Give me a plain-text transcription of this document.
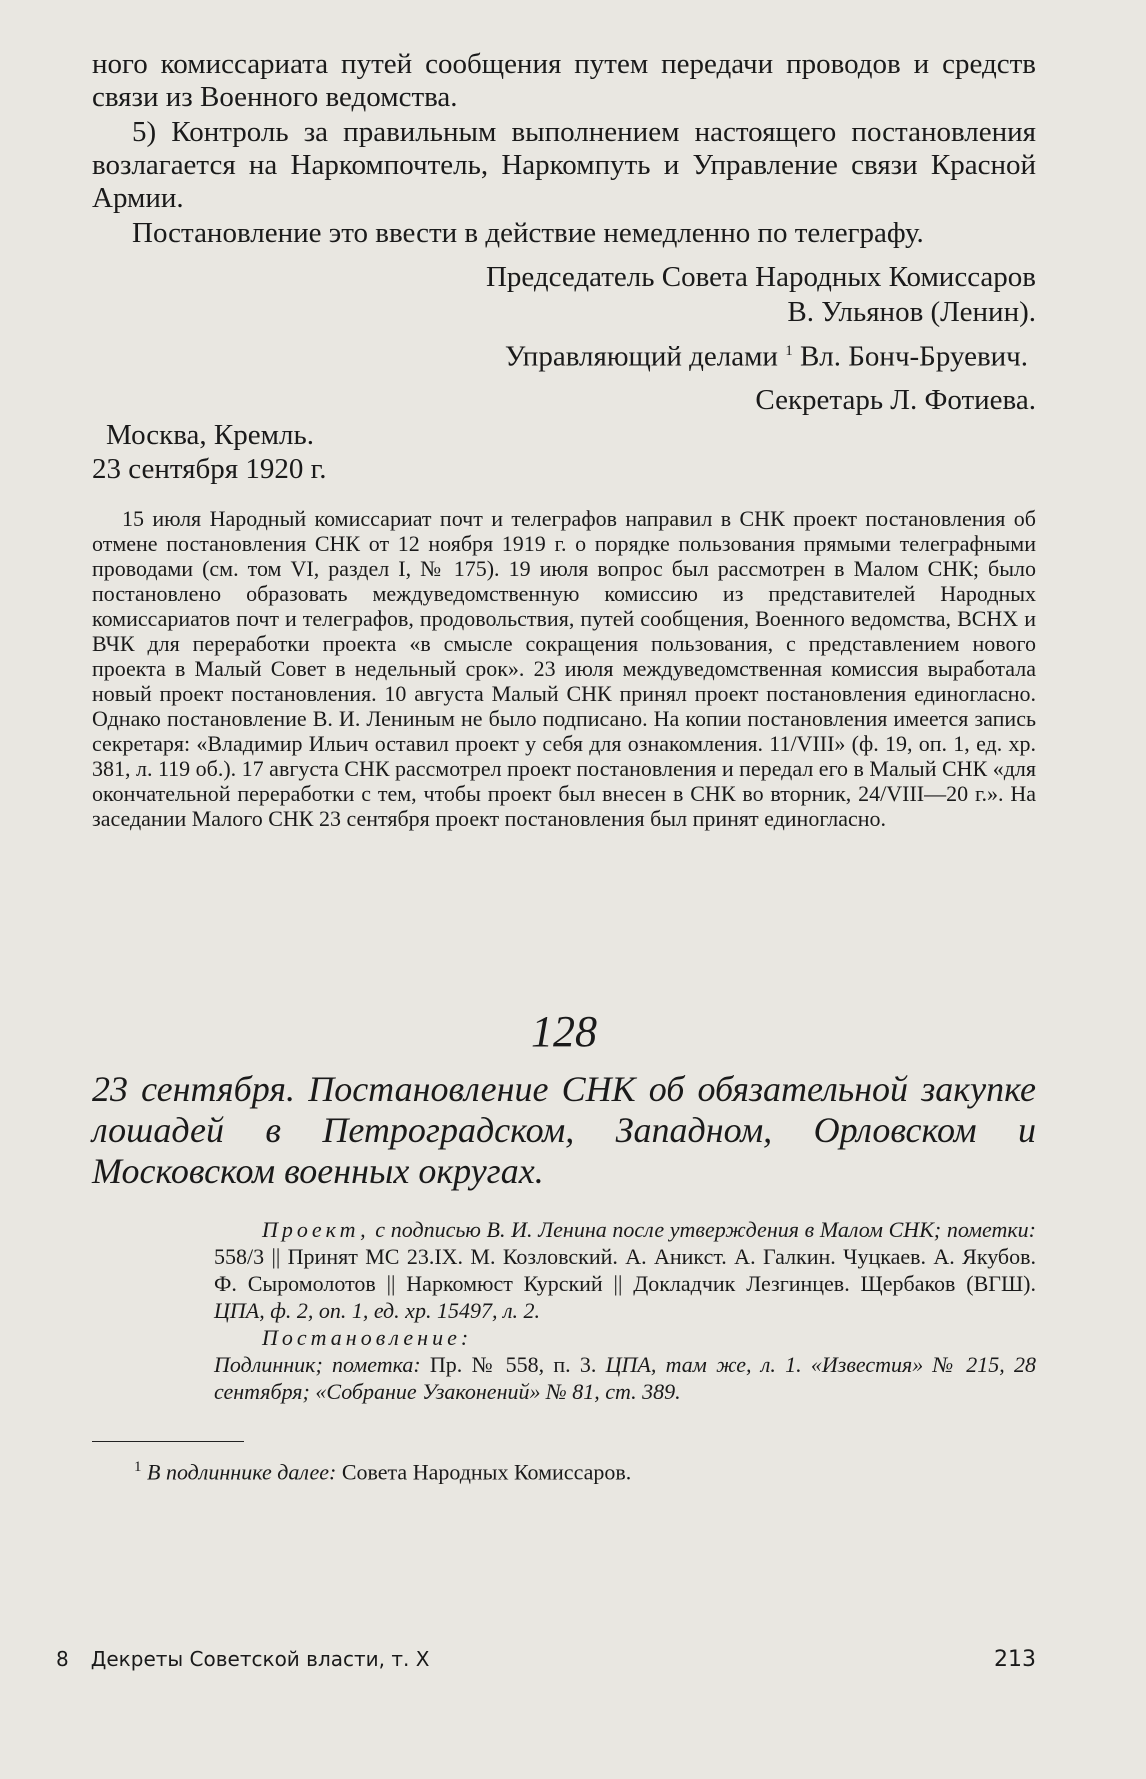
ного комиссариата путей сообщения путем передачи проводов и средств связи из Военного ведомства.

5) Контроль за правильным выполнением настоящего постановления возлагается на Наркомпочтель, Наркомпуть и Управление связи Красной Армии.

Постановление это ввести в действие немедленно по телеграфу.

Председатель Совета Народных Комиссаров

В. Ульянов (Ленин).

Управляющий делами $^1$ Вл. Бонч-Бруевич.

Секретарь Л. Фотиева.

Москва, Кремль.

23 сентября 1920 г.

15 июля Народный комиссариат почт и телеграфов направил в СНК проект постановления об отмене постановления СНК от 12 ноября 1919 г. о порядке пользования прямыми телеграфными проводами (см. том VI, раздел I, № 175). 19 июля вопрос был рассмотрен в Малом СНК; было постановлено образовать междуведомственную комиссию из представителей Народных комиссариатов почт и телеграфов, продовольствия, путей сообщения, Военного ведомства, ВСНХ и ВЧК для переработки проекта «в смысле сокращения пользования, с представлением нового проекта в Малый Совет в недельный срок». 23 июля междуведомственная комиссия выработала новый проект постановления. 10 августа Малый СНК принял проект постановления единогласно. Однако постановление В. И. Лениным не было подписано. На копии постановления имеется запись секретаря: «Владимир Ильич оставил проект у себя для ознакомления. 11/VIII» (ф. 19, оп. 1, ед. хр. 381, л. 119 об.). 17 августа СНК рассмотрел проект постановления и передал его в Малый СНК «для окончательной переработки с тем, чтобы проект был внесен в СНК во вторник, 24/VIII—20 г.». На заседании Малого СНК 23 сентября проект постановления был принят единогласно.

128
23 сентября. Постановление СНК об обязательной закупке лошадей в Петроградском, Западном, Орловском и Московском военных округах.

Проект, с подписью В. И. Ленина после утверждения в Малом СНК; пометки: 558/3 || Принят МС 23.IX. М. Козловский. А. Аникст. А. Галкин. Чуцкаев. А. Якубов. Ф. Сыромолотов || Наркомюст Курский || Докладчик Лезгинцев. Щербаков (ВГШ). ЦПА, ф. 2, оп. 1, ед. хр. 15497, л. 2.

Постановление:

Подлинник; пометка: Пр. № 558, п. 3. ЦПА, там же, л. 1. «Известия» № 215, 28 сентября; «Собрание Узаконений» № 81, ст. 389.

$^1$ В подлиннике далее: Совета Народных Комиссаров.
8 Декреты Советской власти, т. X	213
